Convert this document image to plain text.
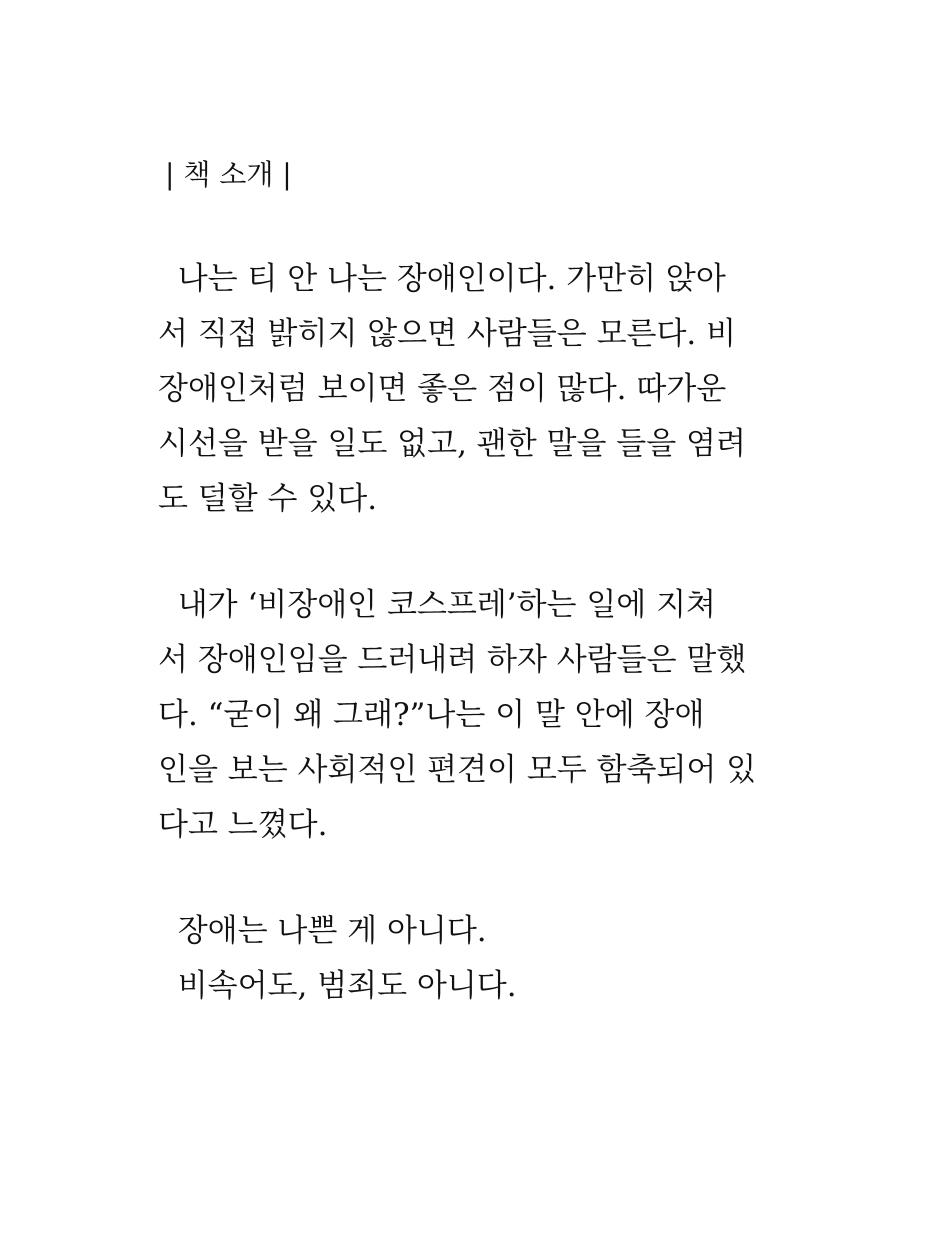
| 책 소개 |
나는 티 안 나는 장애인이다. 가만히 앉아
서 직접 밝히지 않으면 사람들은 모른다. 비
장애인처럼 보이면 좋은 점이 많다. 따가운
시선을 받을 일도 없고, 괜한 말을 들을 염려
도 덜할 수 있다.
내가 ‘비장애인 코스프레’하는 일에 지쳐
서 장애인임을 드러내려 하자 사람들은 말했
다. “굳이 왜 그래?”나는 이 말 안에 장애
인을 보는 사회적인 편견이 모두 함축되어 있
다고 느꼈다.
장애는 나쁜 게 아니다.
비속어도, 범죄도 아니다.
